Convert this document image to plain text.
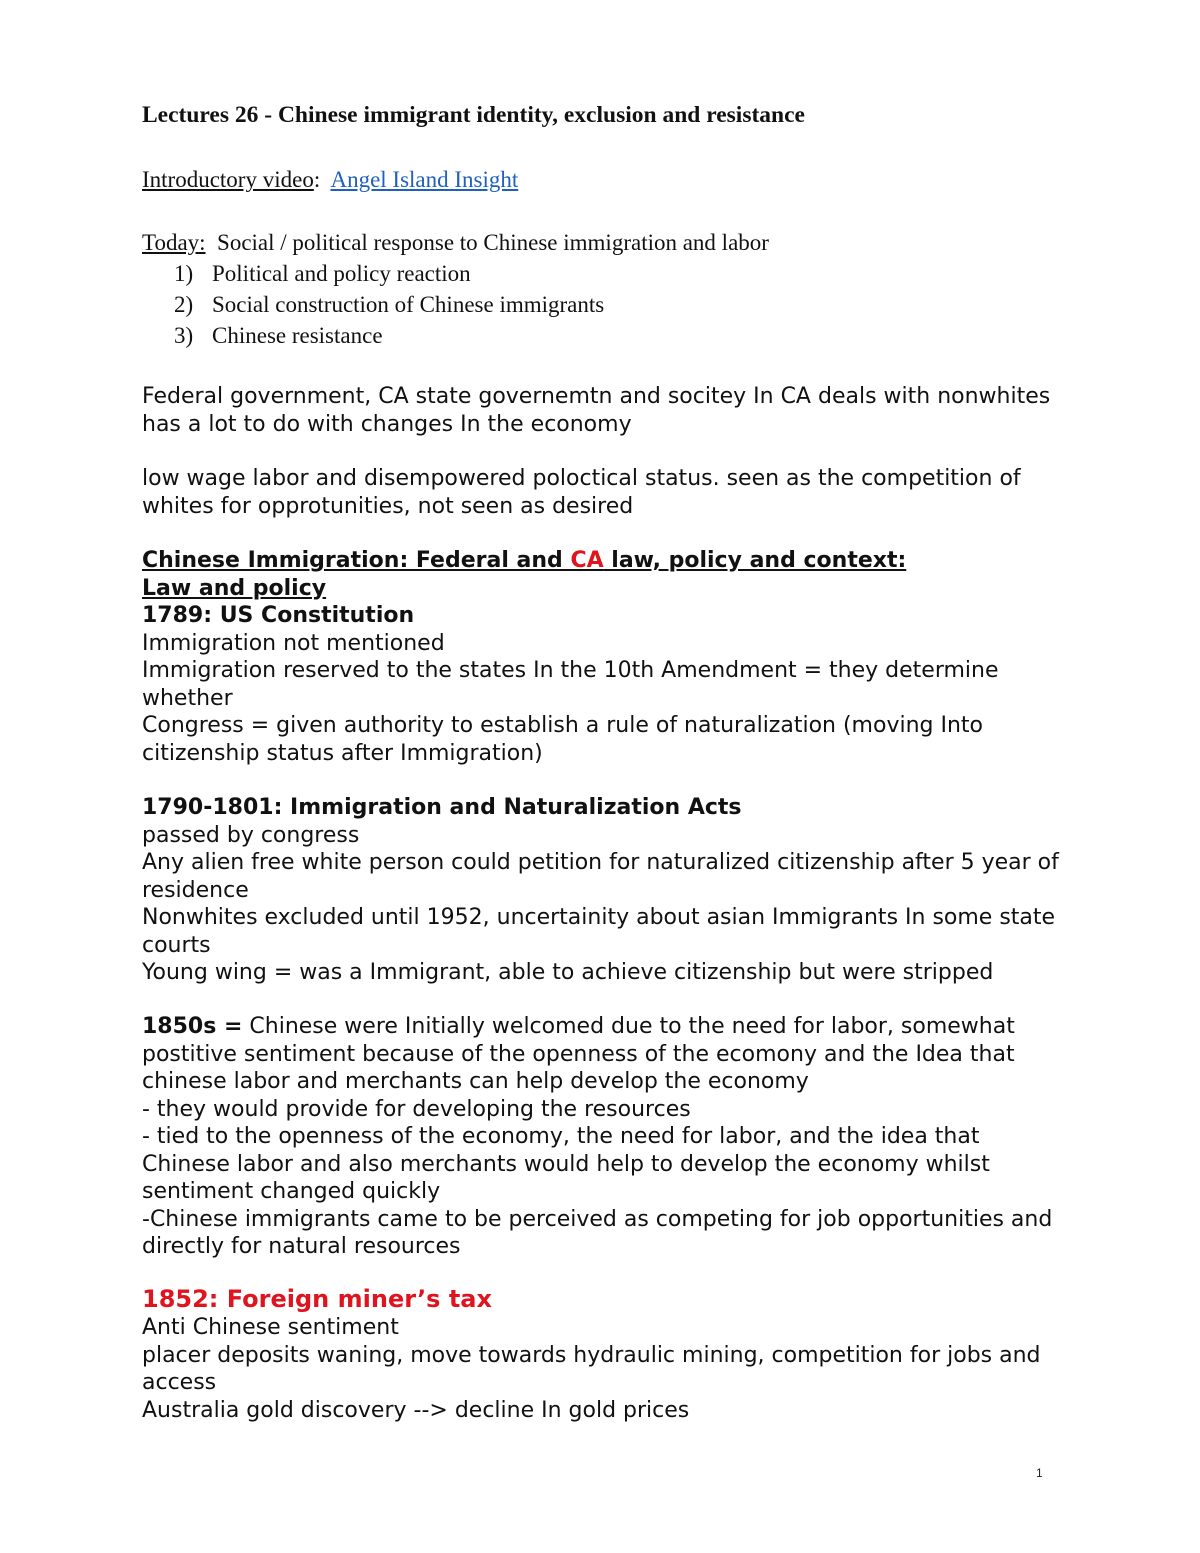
Lectures 26 - Chinese immigrant identity, exclusion and resistance
Introductory video: Angel Island Insight
Today: Social / political response to Chinese immigration and labor
1) Political and policy reaction
2) Social construction of Chinese immigrants
3) Chinese resistance
Federal government, CA state governemtn and socitey In CA deals with nonwhites has a lot to do with changes In the economy
low wage labor and disempowered poloctical status. seen as the competition of whites for opprotunities, not seen as desired
Chinese Immigration: Federal and CA law, policy and context:
Law and policy
1789: US Constitution
Immigration not mentioned
Immigration reserved to the states In the 10th Amendment = they determine whether
Congress = given authority to establish a rule of naturalization (moving Into citizenship status after Immigration)
1790-1801: Immigration and Naturalization Acts
passed by congress
Any alien free white person could petition for naturalized citizenship after 5 year of residence
Nonwhites excluded until 1952, uncertainity about asian Immigrants In some state courts
Young wing = was a Immigrant, able to achieve citizenship but were stripped
1850s = Chinese were Initially welcomed due to the need for labor, somewhat postitive sentiment because of the openness of the ecomony and the Idea that chinese labor and merchants can help develop the economy
- they would provide for developing the resources
- tied to the openness of the economy, the need for labor, and the idea that Chinese labor and also merchants would help to develop the economy whilst sentiment changed quickly
-Chinese immigrants came to be perceived as competing for job opportunities and directly for natural resources
1852: Foreign miner’s tax
Anti Chinese sentiment
placer deposits waning, move towards hydraulic mining, competition for jobs and access
Australia gold discovery --> decline In gold prices
1
